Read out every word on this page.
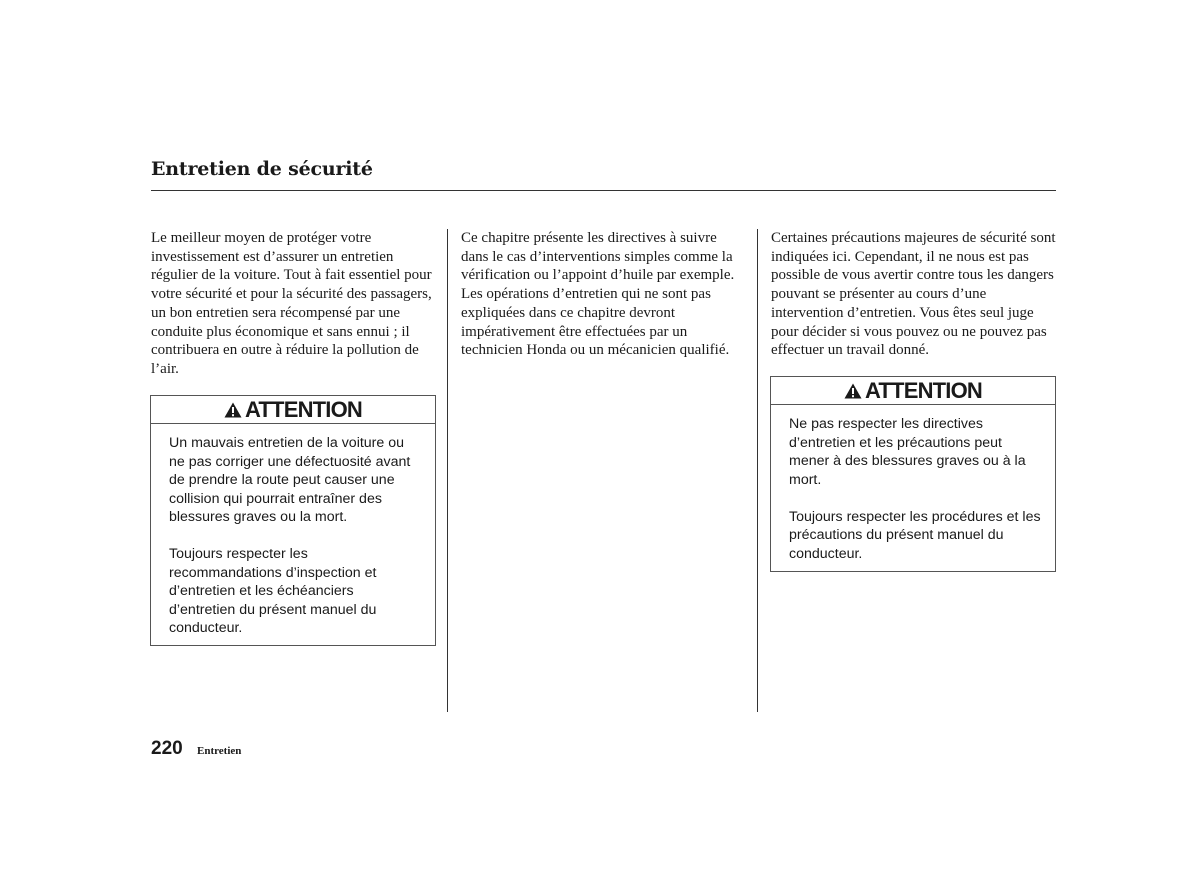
Entretien de sécurité

Le meilleur moyen de protéger votre investissement est d’assurer un entretien régulier de la voiture. Tout à fait essentiel pour votre sécurité et pour la sécurité des passagers, un bon entretien sera récompensé par une conduite plus économique et sans ennui ; il contribuera en outre à réduire la pollution de l’air.

Ce chapitre présente les directives à suivre dans le cas d’interventions simples comme la vérification ou l’appoint d’huile par exemple. Les opérations d’entretien qui ne sont pas expliquées dans ce chapitre devront impérativement être effectuées par un technicien Honda ou un mécanicien qualifié.

Certaines précautions majeures de sécurité sont indiquées ici. Cependant, il ne nous est pas possible de vous avertir contre tous les dangers pouvant se présenter au cours d’une intervention d’entretien. Vous êtes seul juge pour décider si vous pouvez ou ne pouvez pas effectuer un travail donné.

ATTENTION

Un mauvais entretien de la voiture ou ne pas corriger une défectuosité avant de prendre la route peut causer une collision qui pourrait entraîner des blessures graves ou la mort.

Toujours respecter les recommandations d’inspection et d’entretien et les échéanciers d’entretien du présent manuel du conducteur.

ATTENTION

Ne pas respecter les directives d’entretien et les précautions peut mener à des blessures graves ou à la mort.

Toujours respecter les procédures et les précautions du présent manuel du conducteur.

220 Entretien
